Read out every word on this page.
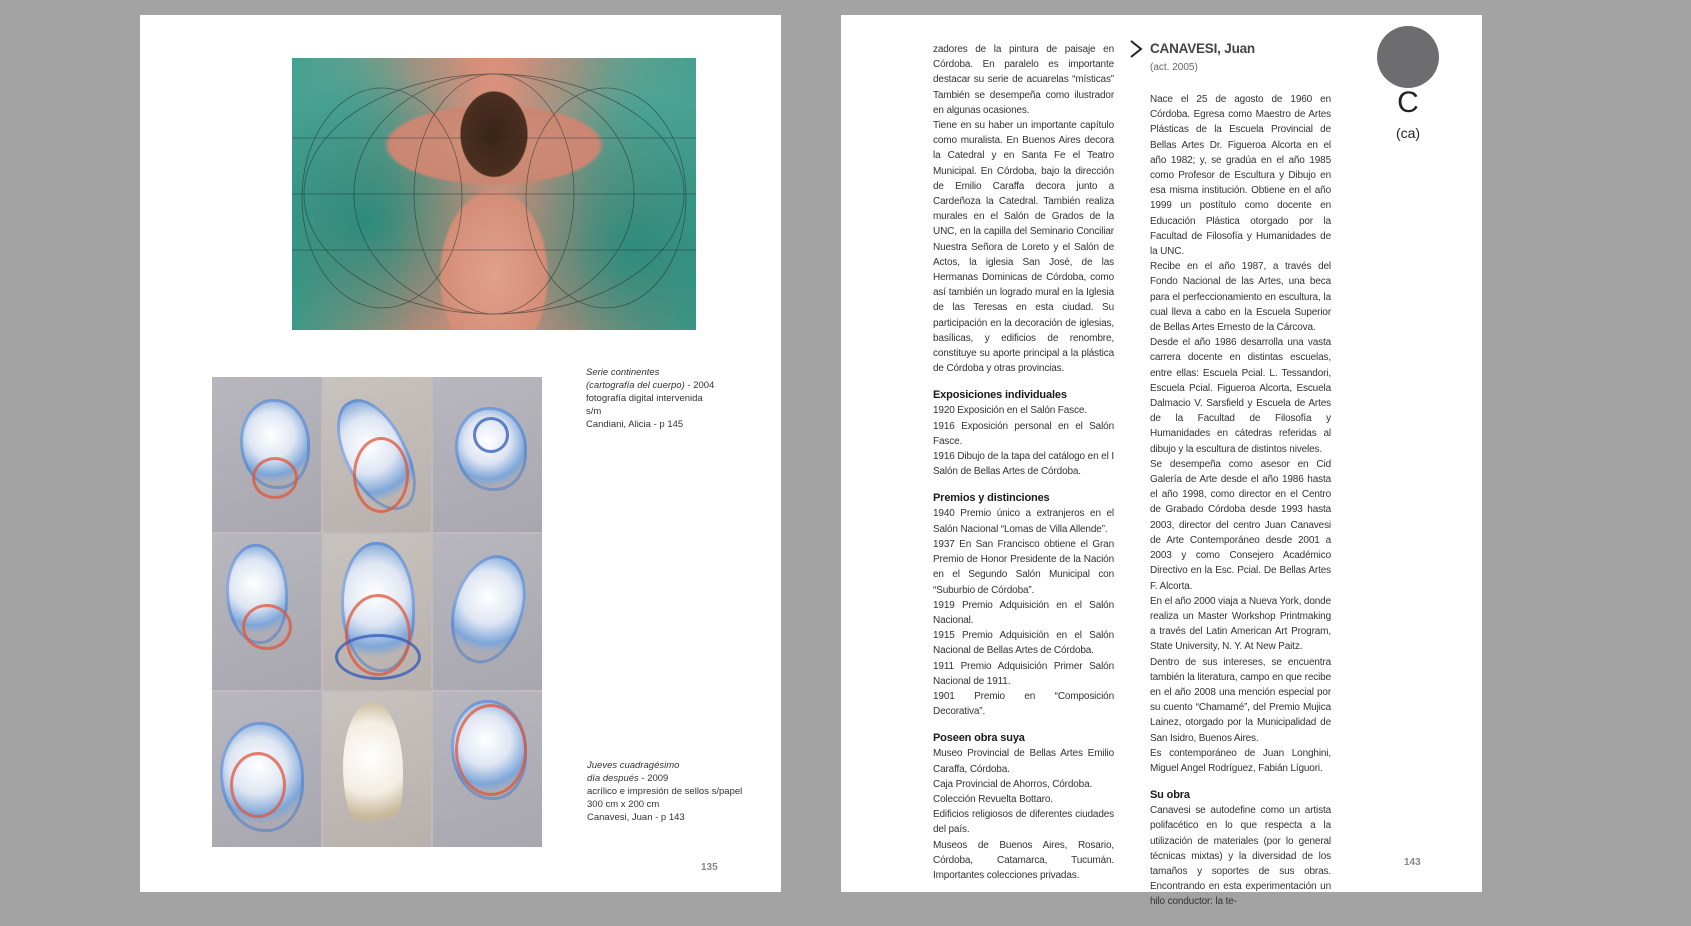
Serie continentes
(cartografía del cuerpo) - 2004
fotografía digital intervenida
s/m
Candiani, Alicia - p 145
Jueves cuadragésimo
día después - 2009
acrílico e impresión de sellos s/papel
300 cm x 200 cm
Canavesi, Juan - p 143
135

zadores de la pintura de paisaje en Córdoba. En paralelo es importante destacar su serie de acuarelas “místicas” También se desempeña como ilustrador en algunas ocasiones.

Tiene en su haber un importante capítulo como muralista. En Buenos Aires decora la Catedral y en Santa Fe el Teatro Municipal. En Córdoba, bajo la dirección de Emilio Caraffa decora junto a Cardeñoza la Catedral. También realiza murales en el Salón de Grados de la UNC, en la capilla del Seminario Conciliar Nuestra Señora de Loreto y el Salón de Actos, la iglesia San José, de las Hermanas Dominicas de Córdoba, como así también un logrado mural en la Iglesia de las Teresas en esta ciudad. Su participación en la decoración de iglesias, basílicas, y edificios de renombre, constituye su aporte principal a la plástica de Córdoba y otras provincias.

Exposiciones individuales

1920 Exposición en el Salón Fasce.

1916 Exposición personal en el Salón Fasce.

1916 Dibujo de la tapa del catálogo en el I Salón de Bellas Artes de Córdoba.

Premios y distinciones

1940 Premio único a extranjeros en el Salón Nacional “Lomas de Villa Allende”.

1937 En San Francisco obtiene el Gran Premio de Honor Presidente de la Nación en el Segundo Salón Municipal con “Suburbio de Córdoba”.

1919 Premio Adquisición en el Salón Nacional.

1915 Premio Adquisición en el Salón Nacional de Bellas Artes de Córdoba.

1911 Premio Adquisición Primer Salón Nacional de 1911.

1901 Premio en “Composición Decorativa”.

Poseen obra suya

Museo Provincial de Bellas Artes Emilio Caraffa, Córdoba.

Caja Provincial de Ahorros, Córdoba.

Colección Revuelta Bottaro.

Edificios religiosos de diferentes ciudades del país.

Museos de Buenos Aires, Rosario, Córdoba, Catamarca, Tucumán. Importantes colecciones privadas.

CANAVESI, Juan
(act. 2005)

Nace el 25 de agosto de 1960 en Córdoba. Egresa como Maestro de Artes Plásticas de la Escuela Provincial de Bellas Artes Dr. Figueroa Alcorta en el año 1982; y, se gradúa en el año 1985 como Profesor de Escultura y Dibujo en esa misma institución. Obtiene en el año 1999 un postítulo como docente en Educación Plástica otorgado por la Facultad de Filosofía y Humanidades de la UNC.

Recibe en el año 1987, a través del Fondo Nacional de las Artes, una beca para el perfeccionamiento en escultura, la cual lleva a cabo en la Escuela Superior de Bellas Artes Ernesto de la Cárcova.

Desde el año 1986 desarrolla una vasta carrera docente en distintas escuelas, entre ellas: Escuela Pcial. L. Tessandori, Escuela Pcial. Figueroa Alcorta, Escuela Dalmacio V. Sarsfield y Escuela de Artes de la Facultad de Filosofía y Humanidades en cátedras referidas al dibujo y la escultura de distintos niveles.

Se desempeña como asesor en Cid Galería de Arte desde el año 1986 hasta el año 1998, como director en el Centro de Grabado Córdoba desde 1993 hasta 2003, director del centro Juan Canavesi de Arte Contemporáneo desde 2001 a 2003 y como Consejero Académico Directivo en la Esc. Pcial. De Bellas Artes F. Alcorta.

En el año 2000 viaja a Nueva York, donde realiza un Master Workshop Printmaking a través del Latin American Art Program, State University, N. Y. At New Paitz.

Dentro de sus intereses, se encuentra también la literatura, campo en que recibe en el año 2008 una mención especial por su cuento “Chamamé”, del Premio Mujica Lainez, otorgado por la Municipalidad de San Isidro, Buenos Aires.

Es contemporáneo de Juan Longhini, Miguel Angel Rodríguez, Fabián Líguori.

Su obra

Canavesi se autodefine como un artista polifacético en lo que respecta a la utilización de materiales (por lo general técnicas mixtas) y la diversidad de los tamaños y soportes de sus obras. Encontrando en esta experimentación un hilo conductor: la te-

C
(ca)
143
